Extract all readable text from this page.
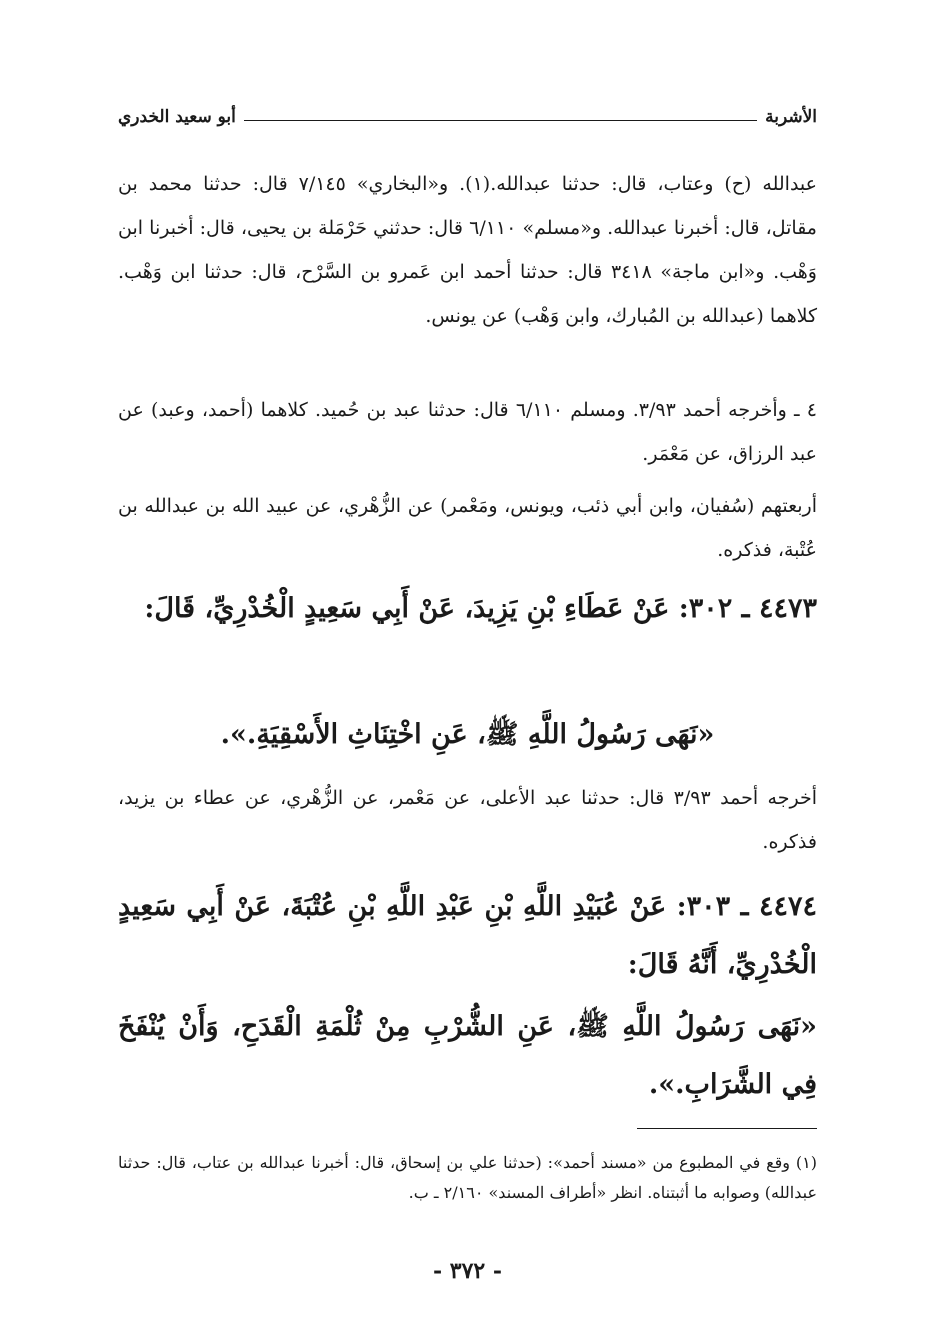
الأشربة
أبو سعيد الخدري
عبدالله (ح) وعتاب، قال: حدثنا عبدالله.(١). و«البخاري» ٧/١٤٥ قال: حدثنا محمد بن مقاتل، قال: أخبرنا عبدالله. و«مسلم» ٦/١١٠ قال: حدثني حَرْمَلة بن يحيى، قال: أخبرنا ابن وَهْب. و«ابن ماجة» ٣٤١٨ قال: حدثنا أحمد ابن عَمرو بن السَّرْح، قال: حدثنا ابن وَهْب. كلاهما (عبدالله بن المُبارك، وابن وَهْب) عن يونس.
٤ ـ وأخرجه أحمد ٣/٩٣. ومسلم ٦/١١٠ قال: حدثنا عبد بن حُميد. كلاهما (أحمد، وعبد) عن عبد الرزاق، عن مَعْمَر.
أربعتهم (سُفيان، وابن أبي ذئب، ويونس، ومَعْمر) عن الزُّهْري، عن عبيد الله بن عبدالله بن عُتْبة، فذكره.
٤٤٧٣ ـ ٣٠٢: عَنْ عَطَاءِ بْنِ يَزِيدَ، عَنْ أَبِي سَعِيدٍ الْخُدْرِيِّ، قَالَ:
«نَهَى رَسُولُ اللَّهِ ﷺ، عَنِ اخْتِنَاثِ الأَسْقِيَةِ.».
أخرجه أحمد ٣/٩٣ قال: حدثنا عبد الأعلى، عن مَعْمر، عن الزُّهْري، عن عطاء بن يزيد، فذكره.
٤٤٧٤ ـ ٣٠٣: عَنْ عُبَيْدِ اللَّهِ بْنِ عَبْدِ اللَّهِ بْنِ عُتْبَةَ، عَنْ أَبِي سَعِيدٍ الْخُدْرِيِّ، أَنَّهُ قَالَ:
«نَهَى رَسُولُ اللَّهِ ﷺ، عَنِ الشُّرْبِ مِنْ ثُلْمَةِ الْقَدَحِ، وَأَنْ يُنْفَخَ فِي الشَّرَابِ.».
(١) وقع في المطبوع من «مسند أحمد»: (حدثنا علي بن إسحاق، قال: أخبرنا عبدالله بن عتاب، قال: حدثنا عبدالله) وصوابه ما أثبتناه. انظر «أطراف المسند» ٢/١٦٠ ـ ب.
- ٣٧٢ -
